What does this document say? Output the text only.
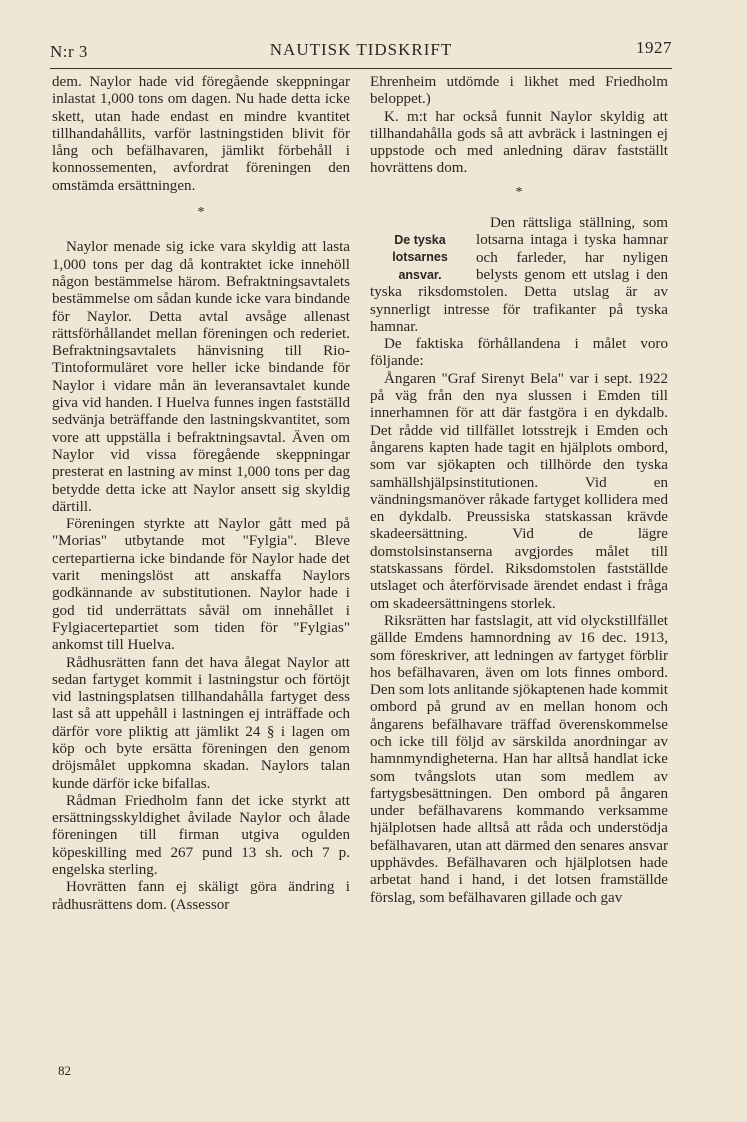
N:r 3	NAUTISK TIDSKRIFT	1927

dem. Naylor hade vid föregående skeppningar inlastat 1,000 tons om dagen. Nu hade detta icke skett, utan hade endast en mindre kvantitet tillhandahållits, varför lastningstiden blivit för lång och befälhavaren, jämlikt förbehåll i konnossementen, avfordrat föreningen den omstämda ersättningen.

*

Naylor menade sig icke vara skyldig att lasta 1,000 tons per dag då kontraktet icke innehöll någon bestämmelse härom. Befraktningsavtalets bestämmelse om sådan kunde icke vara bindande för Naylor. Detta avtal avsåge allenast rättsförhållandet mellan föreningen och rederiet. Befraktningsavtalets hänvisning till Rio-Tintoformuläret vore heller icke bindande för Naylor i vidare mån än leveransavtalet kunde giva vid handen. I Huelva funnes ingen fastställd sedvänja beträffande den lastningskvantitet, som vore att uppställa i befraktningsavtal. Även om Naylor vid vissa föregående skeppningar presterat en lastning av minst 1,000 tons per dag betydde detta icke att Naylor ansett sig skyldig därtill.

Föreningen styrkte att Naylor gått med på "Morias" utbytande mot "Fylgia". Bleve certepartierna icke bindande för Naylor hade det varit meningslöst att anskaffa Naylors godkännande av substitutionen. Naylor hade i god tid underrättats såväl om innehållet i Fylgiacertepartiet som tiden för "Fylgias" ankomst till Huelva.

Rådhusrätten fann det hava ålegat Naylor att sedan fartyget kommit i lastningstur och förtöjt vid lastningsplatsen tillhandahålla fartyget dess last så att uppehåll i lastningen ej inträffade och därför vore pliktig att jämlikt 24 § i lagen om köp och byte ersätta föreningen den genom dröjsmålet uppkomna skadan. Naylors talan kunde därför icke bifallas.

Rådman Friedholm fann det icke styrkt att ersättningsskyldighet åvilade Naylor och ålade föreningen till firman utgiva ogulden köpeskilling med 267 pund 13 sh. och 7 p. engelska sterling.

Hovrätten fann ej skäligt göra ändring i rådhusrättens dom. (Assessor

Ehrenheim utdömde i likhet med Friedholm beloppet.)

K. m:t har också funnit Naylor skyldig att tillhandahålla gods så att avbräck i lastningen ej uppstode och med anledning därav fastställt hovrättens dom.

*
De tyska lotsarnes ansvar.

Den rättsliga ställning, som lotsarna intaga i tyska hamnar och farleder, har nyligen belysts genom ett utslag i den tyska riksdomstolen. Detta utslag är av synnerligt intresse för trafikanter på tyska hamnar.

De faktiska förhållandena i målet voro följande:

Ångaren "Graf Sirenyt Bela" var i sept. 1922 på väg från den nya slussen i Emden till innerhamnen för att där fastgöra i en dykdalb. Det rådde vid tillfället lotsstrejk i Emden och ångarens kapten hade tagit en hjälplots ombord, som var sjökapten och tillhörde den tyska samhällshjälpsinstitutionen. Vid en vändningsmanöver råkade fartyget kollidera med en dykdalb. Preussiska statskassan krävde skadeersättning. Vid de lägre domstolsinstanserna avgjordes målet till statskassans fördel. Riksdomstolen fastställde utslaget och återförvisade ärendet endast i fråga om skadeersättningens storlek.

Riksrätten har fastslagit, att vid olyckstillfället gällde Emdens hamnordning av 16 dec. 1913, som föreskriver, att ledningen av fartyget förblir hos befälhavaren, även om lots finnes ombord. Den som lots anlitande sjökaptenen hade kommit ombord på grund av en mellan honom och ångarens befälhavare träffad överenskommelse och icke till följd av särskilda anordningar av hamnmyndigheterna. Han har alltså handlat icke som tvångslots utan som medlem av fartygsbesättningen. Den ombord på ångaren under befälhavarens kommando verksamme hjälplotsen hade alltså att råda och understödja befälhavaren, utan att därmed den senares ansvar upphävdes. Befälhavaren och hjälplotsen hade arbetat hand i hand, i det lotsen framställde förslag, som befälhavaren gillade och gav

82
